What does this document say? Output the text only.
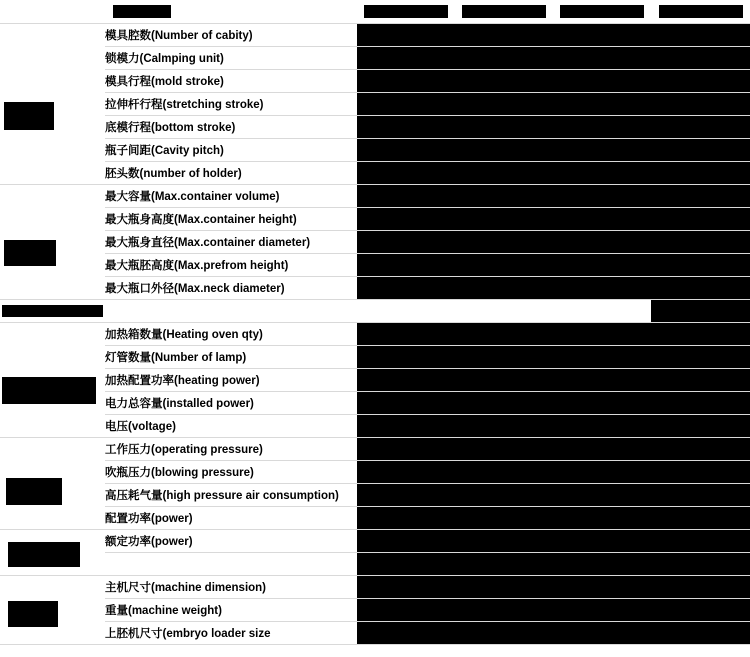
	模具腔数(Number of cabity)				
	锁模力(Calmping unit)				
	模具行程(mold stroke)				
	拉伸杆行程(stretching stroke)				
	底模行程(bottom stroke)				
	瓶子间距(Cavity pitch)				
	胚头数(number of holder)				

	最大容量(Max.container volume)				
	最大瓶身高度(Max.container height)				
	最大瓶身直径(Max.container diameter)				
	最大瓶胚高度(Max.prefrom height)				
	最大瓶口外径(Max.neck diameter)				

	加热箱数量(Heating oven qty)				
	灯管数量(Number of lamp)				
	加热配置功率(heating power)				
	电力总容量(installed power)				
	电压(voltage)				

	工作压力(operating pressure)				
	吹瓶压力(blowing pressure)				
	高压耗气量(high pressure air consumption)				
	配置功率(power)				

	额定功率(power)				

	主机尺寸(machine dimension)				
	重量(machine weight)				
	上胚机尺寸(embryo loader size				
